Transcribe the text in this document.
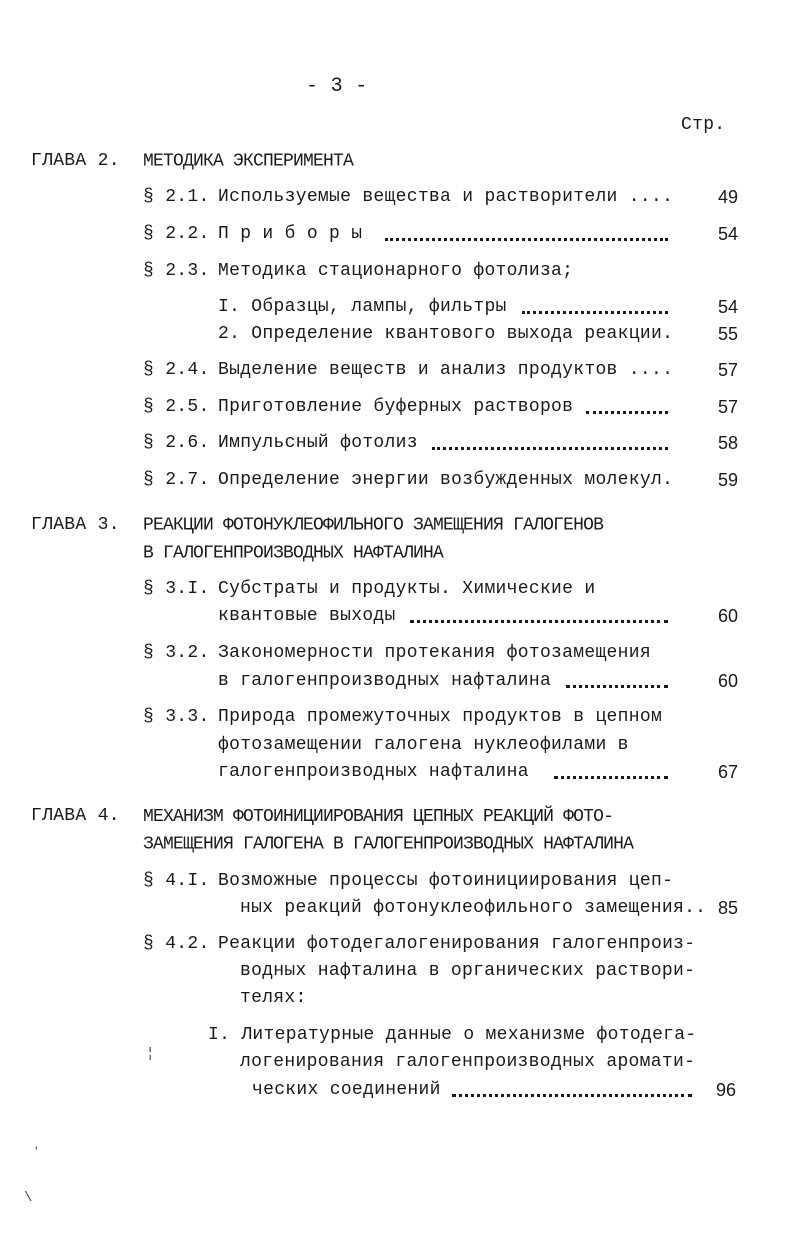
- 3 -
Стр.
ГЛАВА 2. МЕТОДИКА ЭКСПЕРИМЕНТА
§ 2.1. Используемые вещества и растворители ....	49
§ 2.2. П р и б о р ы	54
§ 2.3. Методика стационарного фотолиза;
I. Образцы, лампы, фильтры	54
2. Определение квантового выхода реакции.	55
§ 2.4. Выделение веществ и анализ продуктов ....	57
§ 2.5. Приготовление буферных растворов	57
§ 2.6. Импульсный фотолиз	58
§ 2.7. Определение энергии возбужденных молекул.	59
ГЛАВА 3. РЕАКЦИИ ФОТОНУКЛЕОФИЛЬНОГО ЗАМЕЩЕНИЯ ГАЛОГЕНОВ
В ГАЛОГЕНПРОИЗВОДНЫХ НАФТАЛИНА
§ 3.I. Субстраты и продукты. Химические и
квантовые выходы	60
§ 3.2. Закономерности протекания фотозамещения
в галогенпроизводных нафталина	60
§ 3.3. Природа промежуточных продуктов в цепном
фотозамещении галогена нуклеофилами в
галогенпроизводных нафталина	67
ГЛАВА 4. МЕХАНИЗМ ФОТОИНИЦИИРОВАНИЯ ЦЕПНЫХ РЕАКЦИЙ ФОТО-
ЗАМЕЩЕНИЯ ГАЛОГЕНА В ГАЛОГЕНПРОИЗВОДНЫХ НАФТАЛИНА
§ 4.I. Возможные процессы фотоинициирования цеп-
ных реакций фотонуклеофильного замещения.. 85
§ 4.2. Реакции фотодегалогенирования галогенпроиз-
водных нафталина в органических раствори-
телях:
I. Литературные данные о механизме фотодега-
логенирования галогенпроизводных аромати-
ческих соединений	96
ʼ
\
¦
